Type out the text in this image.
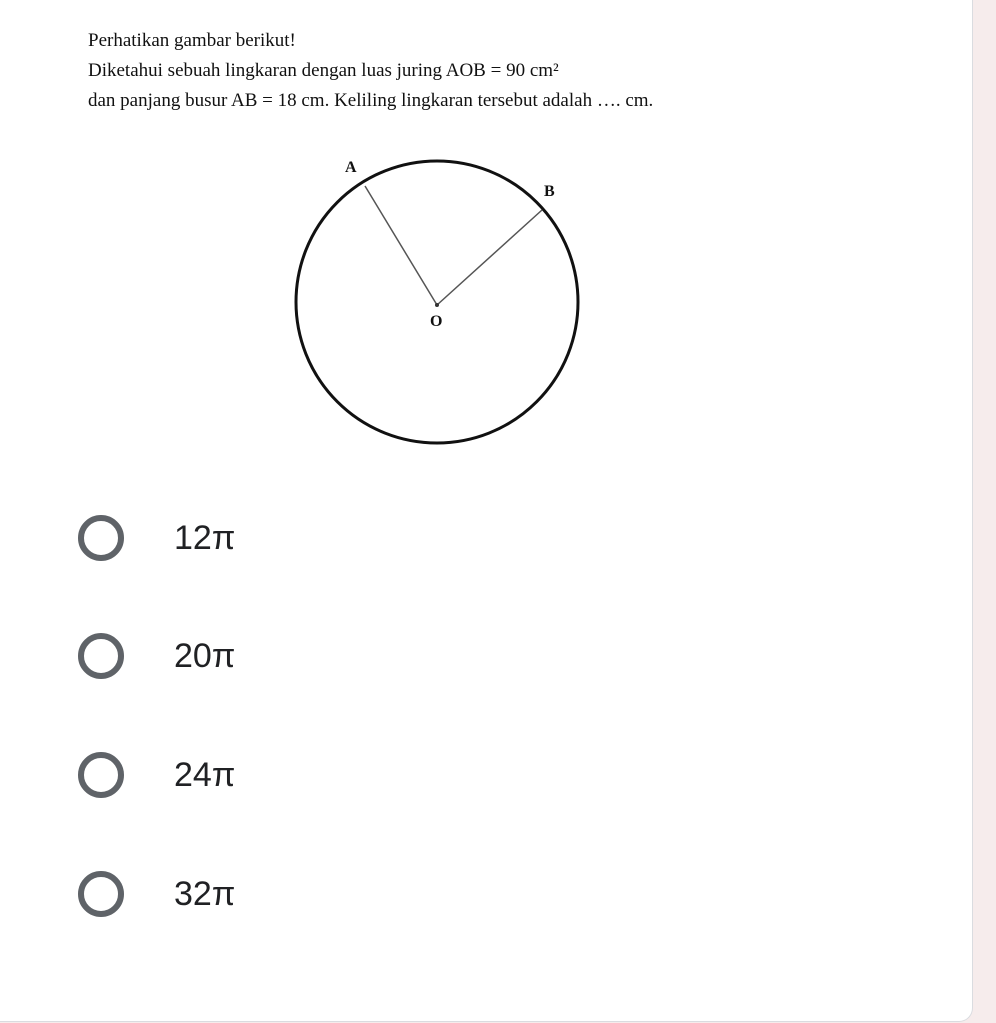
Perhatikan gambar berikut!
Diketahui sebuah lingkaran dengan luas juring AOB = 90 cm²
dan panjang busur AB = 18 cm. Keliling lingkaran tersebut adalah …. cm.
A
B
O
12π
20π
24π
32π
